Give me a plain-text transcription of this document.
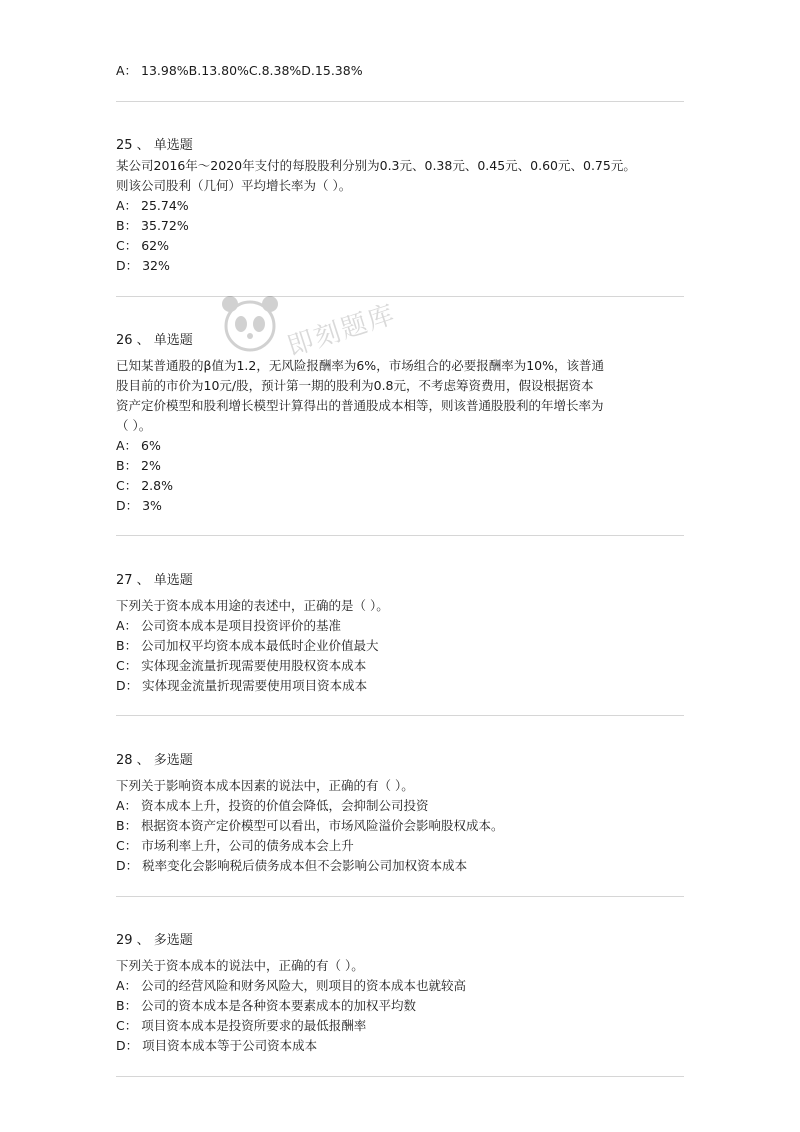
A： 13.98%B.13.80%C.8.38%D.15.38%
25 、 单选题
某公司2016年～2020年支付的每股股利分别为0.3元、0.38元、0.45元、0.60元、0.75元。
则该公司股利（几何）平均增长率为（ ）。
A： 25.74%
B： 35.72%
C： 62%
D： 32%
26 、 单选题
已知某普通股的β值为1.2，无风险报酬率为6%，市场组合的必要报酬率为10%，该普通
股目前的市价为10元/股，预计第一期的股利为0.8元，不考虑筹资费用，假设根据资本
资产定价模型和股利增长模型计算得出的普通股成本相等，则该普通股股利的年增长率为
（ ）。
A： 6%
B： 2%
C： 2.8%
D： 3%
27 、 单选题
下列关于资本成本用途的表述中，正确的是（ ）。
A： 公司资本成本是项目投资评价的基准
B： 公司加权平均资本成本最低时企业价值最大
C： 实体现金流量折现需要使用股权资本成本
D： 实体现金流量折现需要使用项目资本成本
28 、 多选题
下列关于影响资本成本因素的说法中，正确的有（ ）。
A： 资本成本上升，投资的价值会降低，会抑制公司投资
B： 根据资本资产定价模型可以看出，市场风险溢价会影响股权成本。
C： 市场利率上升，公司的债务成本会上升
D： 税率变化会影响税后债务成本但不会影响公司加权资本成本
29 、 多选题
下列关于资本成本的说法中，正确的有（ ）。
A： 公司的经营风险和财务风险大，则项目的资本成本也就较高
B： 公司的资本成本是各种资本要素成本的加权平均数
C： 项目资本成本是投资所要求的最低报酬率
D： 项目资本成本等于公司资本成本
即刻题库
